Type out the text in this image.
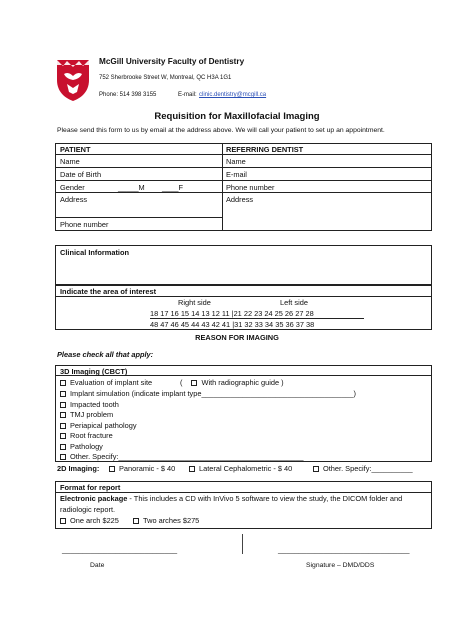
McGill University Faculty of Dentistry
752 Sherbrooke Street W, Montreal, QC H3A 1G1
Phone: 514 398 3155	E-mail: clinic.dentistry@mcgill.ca
Requisition for Maxillofacial Imaging
Please send this form to us by email at the address above. We will call your patient to set up an appointment.
PATIENT	REFERRING DENTIST
Name	Name
Date of Birth	E-mail
Gender	_____M ____F	Phone number
Address	Address
Phone number
Clinical Information
Indicate the area of interest
Right side	Left side
18 17 16 15 14 13 12 11 |21 22 23 24 25 26 27 28
48 47 46 45 44 43 42 41 |31 32 33 34 35 36 37 38
REASON FOR IMAGING
Please check all that apply:
3D Imaging (CBCT)
Evaluation of implant site	(	With radiographic guide )
Implant simulation (indicate implant type_____________________________________)
Impacted tooth
TMJ problem
Periapical pathology
Root fracture
Pathology
Other. Specify:_____________________________________________
2D Imaging:	Panoramic - $ 40	Lateral Cephalometric - $ 40	Other. Specify:__________
Format for report
Electronic package - This includes a CD with InVivo 5 software to view the study, the DICOM folder and
radiologic report.
One arch $225	Two arches $275
____________________________
Date
________________________________
Signature – DMD/DDS
